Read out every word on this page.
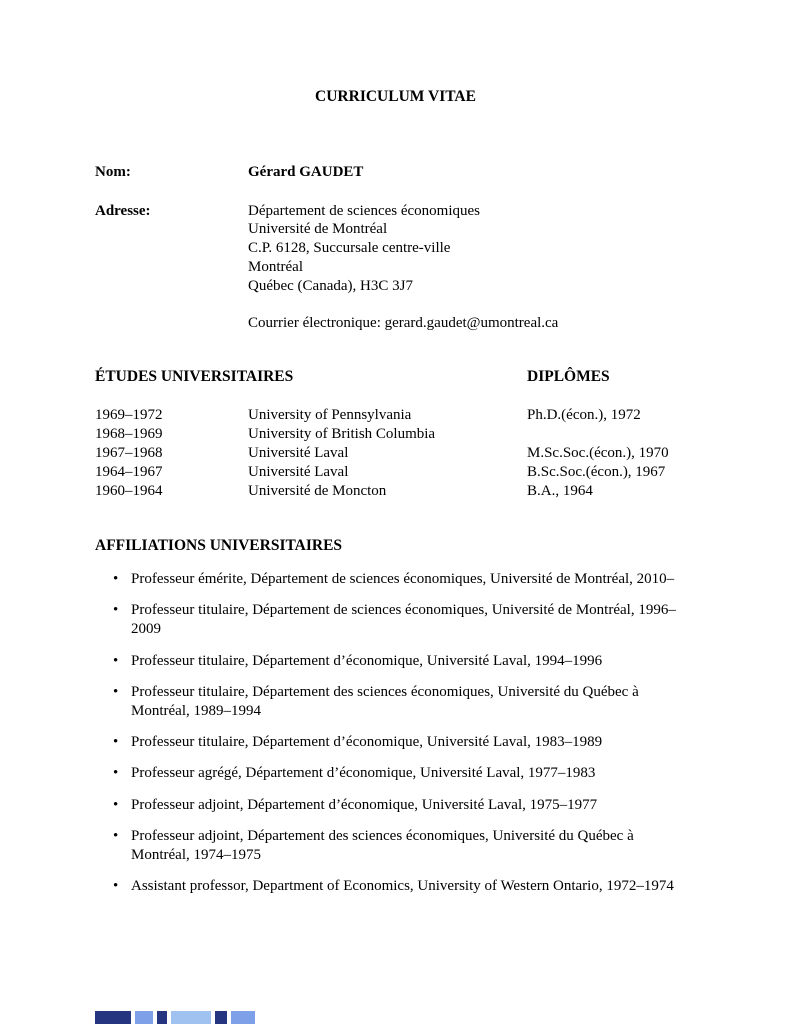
CURRICULUM VITAE
Nom:	Gérard GAUDET
Adresse:	Département de sciences économiques
Université de Montréal
C.P. 6128, Succursale centre-ville
Montréal
Québec (Canada), H3C 3J7
Courrier électronique: gerard.gaudet@umontreal.ca
ÉTUDES UNIVERSITAIRES	DIPLÔMES
1969–1972	University of Pennsylvania	Ph.D.(écon.), 1972
1968–1969	University of British Columbia
1967–1968	Université Laval	M.Sc.Soc.(écon.), 1970
1964–1967	Université Laval	B.Sc.Soc.(écon.), 1967
1960–1964	Université de Moncton	B.A., 1964
AFFILIATIONS UNIVERSITAIRES
•
Professeur émérite, Département de sciences économiques, Université de Montréal, 2010–
•
Professeur titulaire, Département de sciences économiques, Université de Montréal, 1996–2009
•
Professeur titulaire, Département d’économique, Université Laval, 1994–1996
•
Professeur titulaire, Département des sciences économiques, Université du Québec à Montréal, 1989–1994
•
Professeur titulaire, Département d’économique, Université Laval, 1983–1989
•
Professeur agrégé, Département d’économique, Université Laval, 1977–1983
•
Professeur adjoint, Département d’économique, Université Laval, 1975–1977
•
Professeur adjoint, Département des sciences économiques, Université du Québec à Montréal, 1974–1975
•
Assistant professor, Department of Economics, University of Western Ontario, 1972–1974
